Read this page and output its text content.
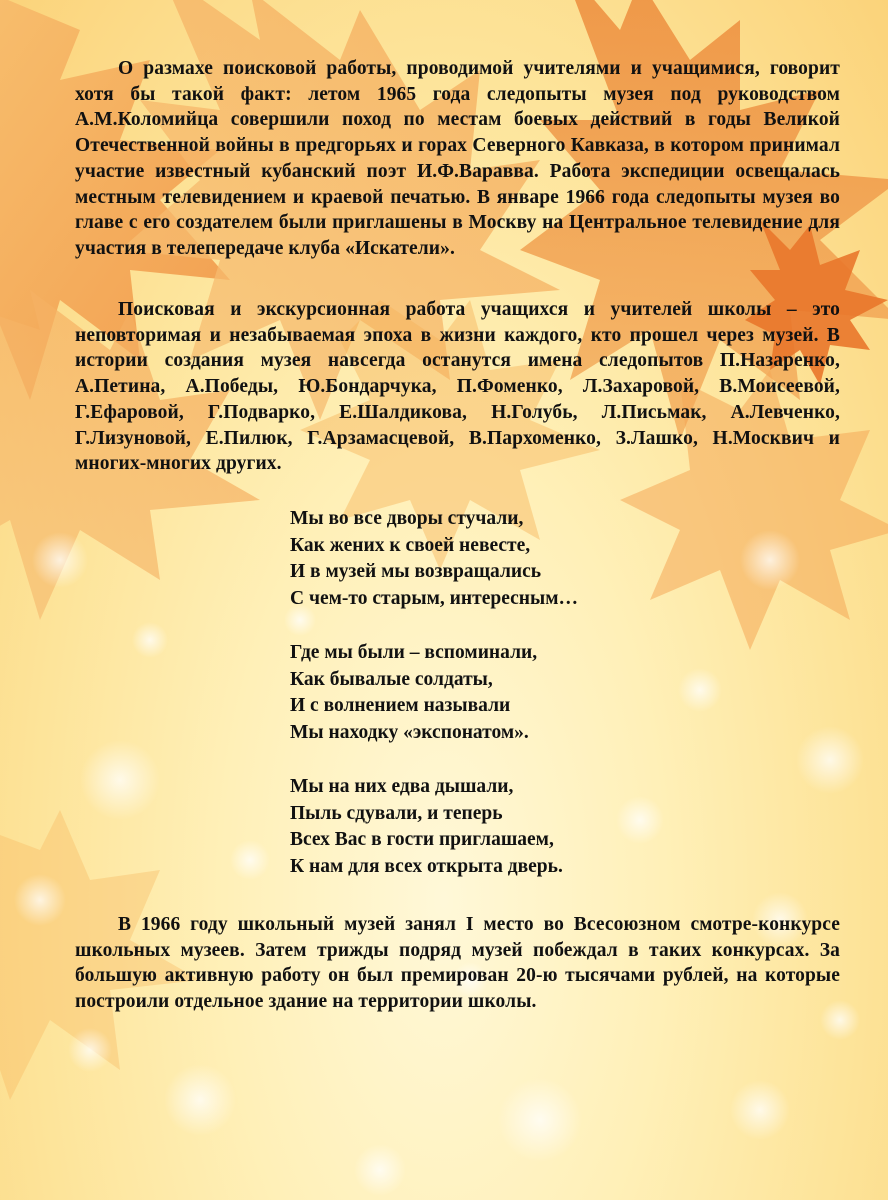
О размахе поисковой работы, проводимой учителями и учащимися, говорит хотя бы такой факт: летом 1965 года следопыты музея под руководством А.М.Коломийца совершили поход по местам боевых действий в годы Великой Отечественной войны в предгорьях и горах Северного Кавказа, в котором принимал участие известный кубанский поэт И.Ф.Варавва. Работа экспедиции освещалась местным телевидением и краевой печатью. В январе 1966 года следопыты музея во главе с его создателем были приглашены в Москву на Центральное телевидение для участия в телепередаче клуба «Искатели».

Поисковая и экскурсионная работа учащихся и учителей школы – это неповторимая и незабываемая эпоха в жизни каждого, кто прошел через музей. В истории создания музея навсегда останутся имена следопытов П.Назаренко, А.Петина, А.Победы, Ю.Бондарчука, П.Фоменко, Л.Захаровой, В.Моисеевой, Г.Ефаровой, Г.Подварко, Е.Шалдикова, Н.Голубь, Л.Письмак, А.Левченко, Г.Лизуновой, Е.Пилюк, Г.Арзамасцевой, В.Пархоменко, З.Лашко, Н.Москвич и многих-многих других.

Мы во все дворы стучали,
Как жених к своей невесте,
И в музей мы возвращались
С чем-то старым, интересным…
Где мы были – вспоминали,
Как бывалые солдаты,
И с волнением называли
Мы находку «экспонатом».
Мы на них едва дышали,
Пыль сдували, и теперь
Всех Вас в гости приглашаем,
К нам для всех открыта дверь.

В 1966 году школьный музей занял I место во Всесоюзном смотре-конкурсе школьных музеев. Затем трижды подряд музей побеждал в таких конкурсах. За большую активную работу он был премирован 20-ю тысячами рублей, на которые построили отдельное здание на территории школы.
